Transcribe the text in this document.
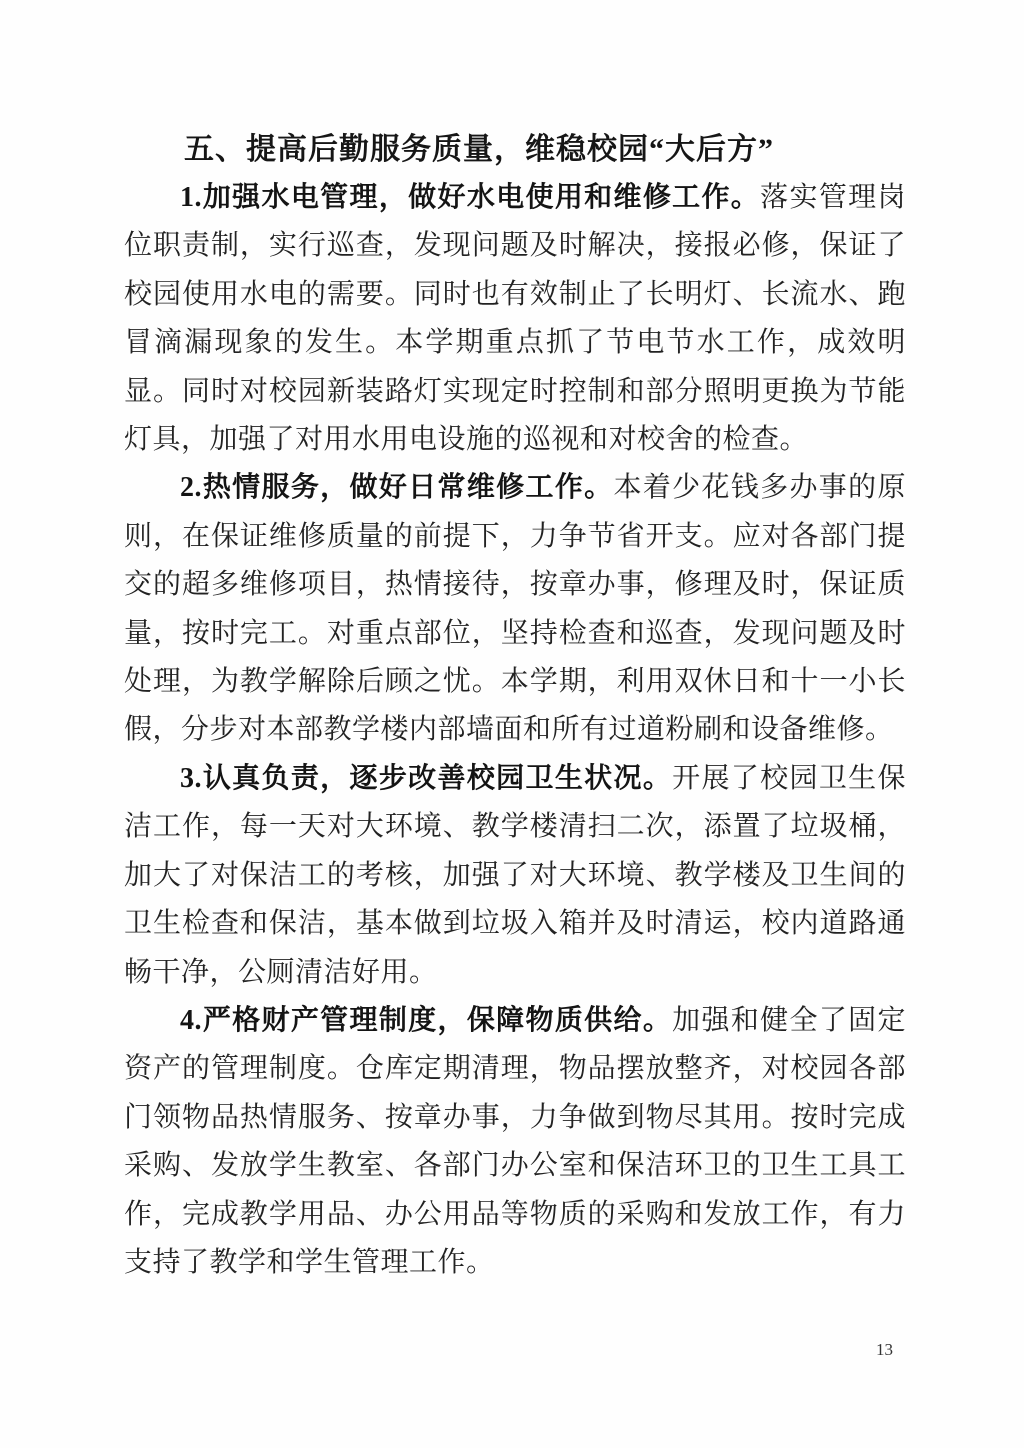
五、提高后勤服务质量，维稳校园“大后方”

1.加强水电管理，做好水电使用和维修工作。落实管理岗位职责制，实行巡查，发现问题及时解决，接报必修，保证了校园使用水电的需要。同时也有效制止了长明灯、长流水、跑冒滴漏现象的发生。本学期重点抓了节电节水工作，成效明显。同时对校园新装路灯实现定时控制和部分照明更换为节能灯具，加强了对用水用电设施的巡视和对校舍的检查。

2.热情服务，做好日常维修工作。本着少花钱多办事的原则，在保证维修质量的前提下，力争节省开支。应对各部门提交的超多维修项目，热情接待，按章办事，修理及时，保证质量，按时完工。对重点部位，坚持检查和巡查，发现问题及时处理，为教学解除后顾之忧。本学期，利用双休日和十一小长假，分步对本部教学楼内部墙面和所有过道粉刷和设备维修。

3.认真负责，逐步改善校园卫生状况。开展了校园卫生保洁工作，每一天对大环境、教学楼清扫二次，添置了垃圾桶，加大了对保洁工的考核，加强了对大环境、教学楼及卫生间的卫生检查和保洁，基本做到垃圾入箱并及时清运，校内道路通畅干净，公厕清洁好用。

4.严格财产管理制度，保障物质供给。加强和健全了固定资产的管理制度。仓库定期清理，物品摆放整齐，对校园各部门领物品热情服务、按章办事，力争做到物尽其用。按时完成采购、发放学生教室、各部门办公室和保洁环卫的卫生工具工作，完成教学用品、办公用品等物质的采购和发放工作，有力支持了教学和学生管理工作。

13
